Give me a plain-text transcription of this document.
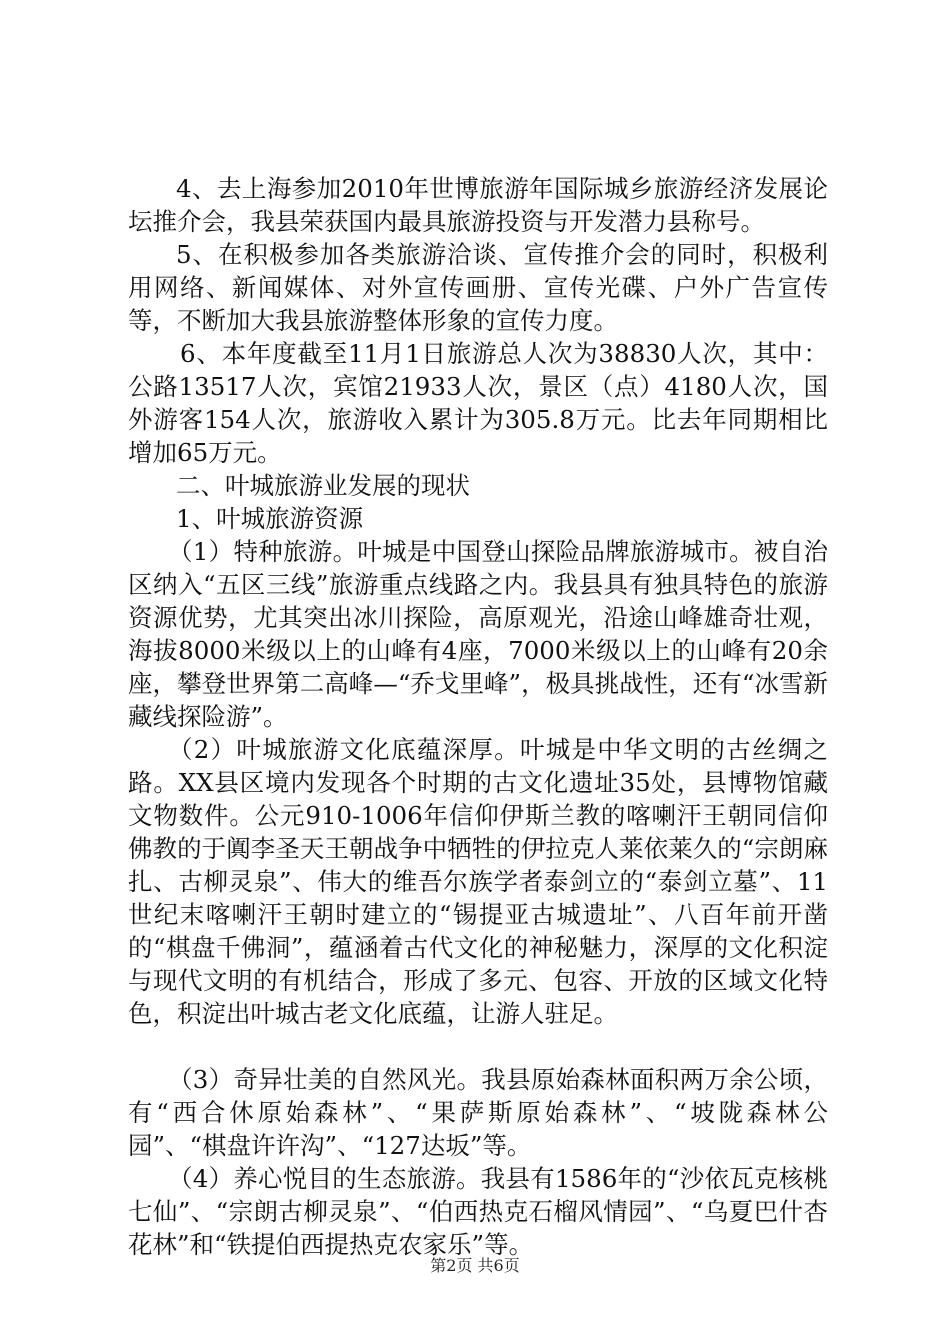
4、去上海参加2010年世博旅游年国际城乡旅游经济发展论坛推介会，我县荣获国内最具旅游投资与开发潜力县称号。

5、在积极参加各类旅游洽谈、宣传推介会的同时，积极利用网络、新闻媒体、对外宣传画册、宣传光碟、户外广告宣传等，不断加大我县旅游整体形象的宣传力度。

6、本年度截至11月1日旅游总人次为38830人次，其中：公路13517人次，宾馆21933人次，景区（点）4180人次，国外游客154人次，旅游收入累计为305.8万元。比去年同期相比增加65万元。

二、叶城旅游业发展的现状

1、叶城旅游资源

（1）特种旅游。叶城是中国登山探险品牌旅游城市。被自治区纳入“五区三线”旅游重点线路之内。我县具有独具特色的旅游资源优势，尤其突出冰川探险，高原观光，沿途山峰雄奇壮观，海拔8000米级以上的山峰有4座，7000米级以上的山峰有20余座，攀登世界第二高峰—“乔戈里峰”，极具挑战性，还有“冰雪新藏线探险游”。

（2）叶城旅游文化底蕴深厚。叶城是中华文明的古丝绸之路。XX县区境内发现各个时期的古文化遗址35处，县博物馆藏文物数件。公元910-1006年信仰伊斯兰教的喀喇汗王朝同信仰佛教的于阗李圣天王朝战争中牺牲的伊拉克人莱依莱久的“宗朗麻扎、古柳灵泉”、伟大的维吾尔族学者泰剑立的“泰剑立墓”、11世纪末喀喇汗王朝时建立的“锡提亚古城遗址”、八百年前开凿的“棋盘千佛洞”，蕴涵着古代文化的神秘魅力，深厚的文化积淀与现代文明的有机结合，形成了多元、包容、开放的区域文化特色，积淀出叶城古老文化底蕴，让游人驻足。

（3）奇异壮美的自然风光。我县原始森林面积两万余公顷，有“西合休原始森林”、“果萨斯原始森林”、“坡陇森林公园”、“棋盘许许沟”、“127达坂”等。

（4）养心悦目的生态旅游。我县有1586年的“沙依瓦克核桃七仙”、“宗朗古柳灵泉”、“伯西热克石榴风情园”、“乌夏巴什杏花林”和“铁提伯西提热克农家乐”等。

第2页 共6页
